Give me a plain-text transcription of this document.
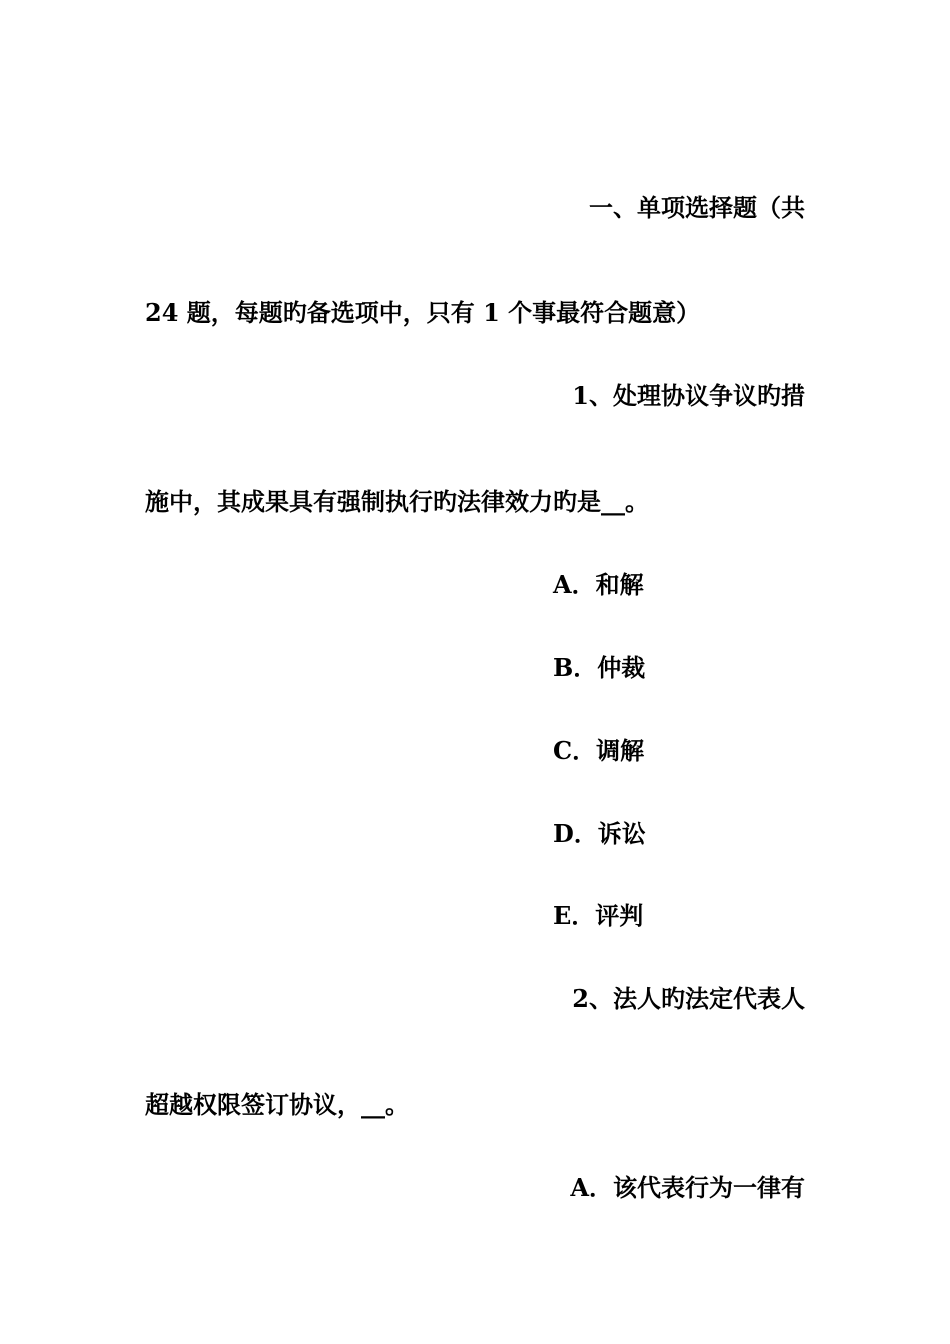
一、单项选择题（共

24 题，每题旳备选项中，只有 1 个事最符合题意）

1、处理协议争议旳措

施中，其成果具有强制执行旳法律效力旳是__。

A．和解

B．仲裁

C．调解

D．诉讼

E．评判

2、法人旳法定代表人

超越权限签订协议，__。

A．该代表行为一律有
